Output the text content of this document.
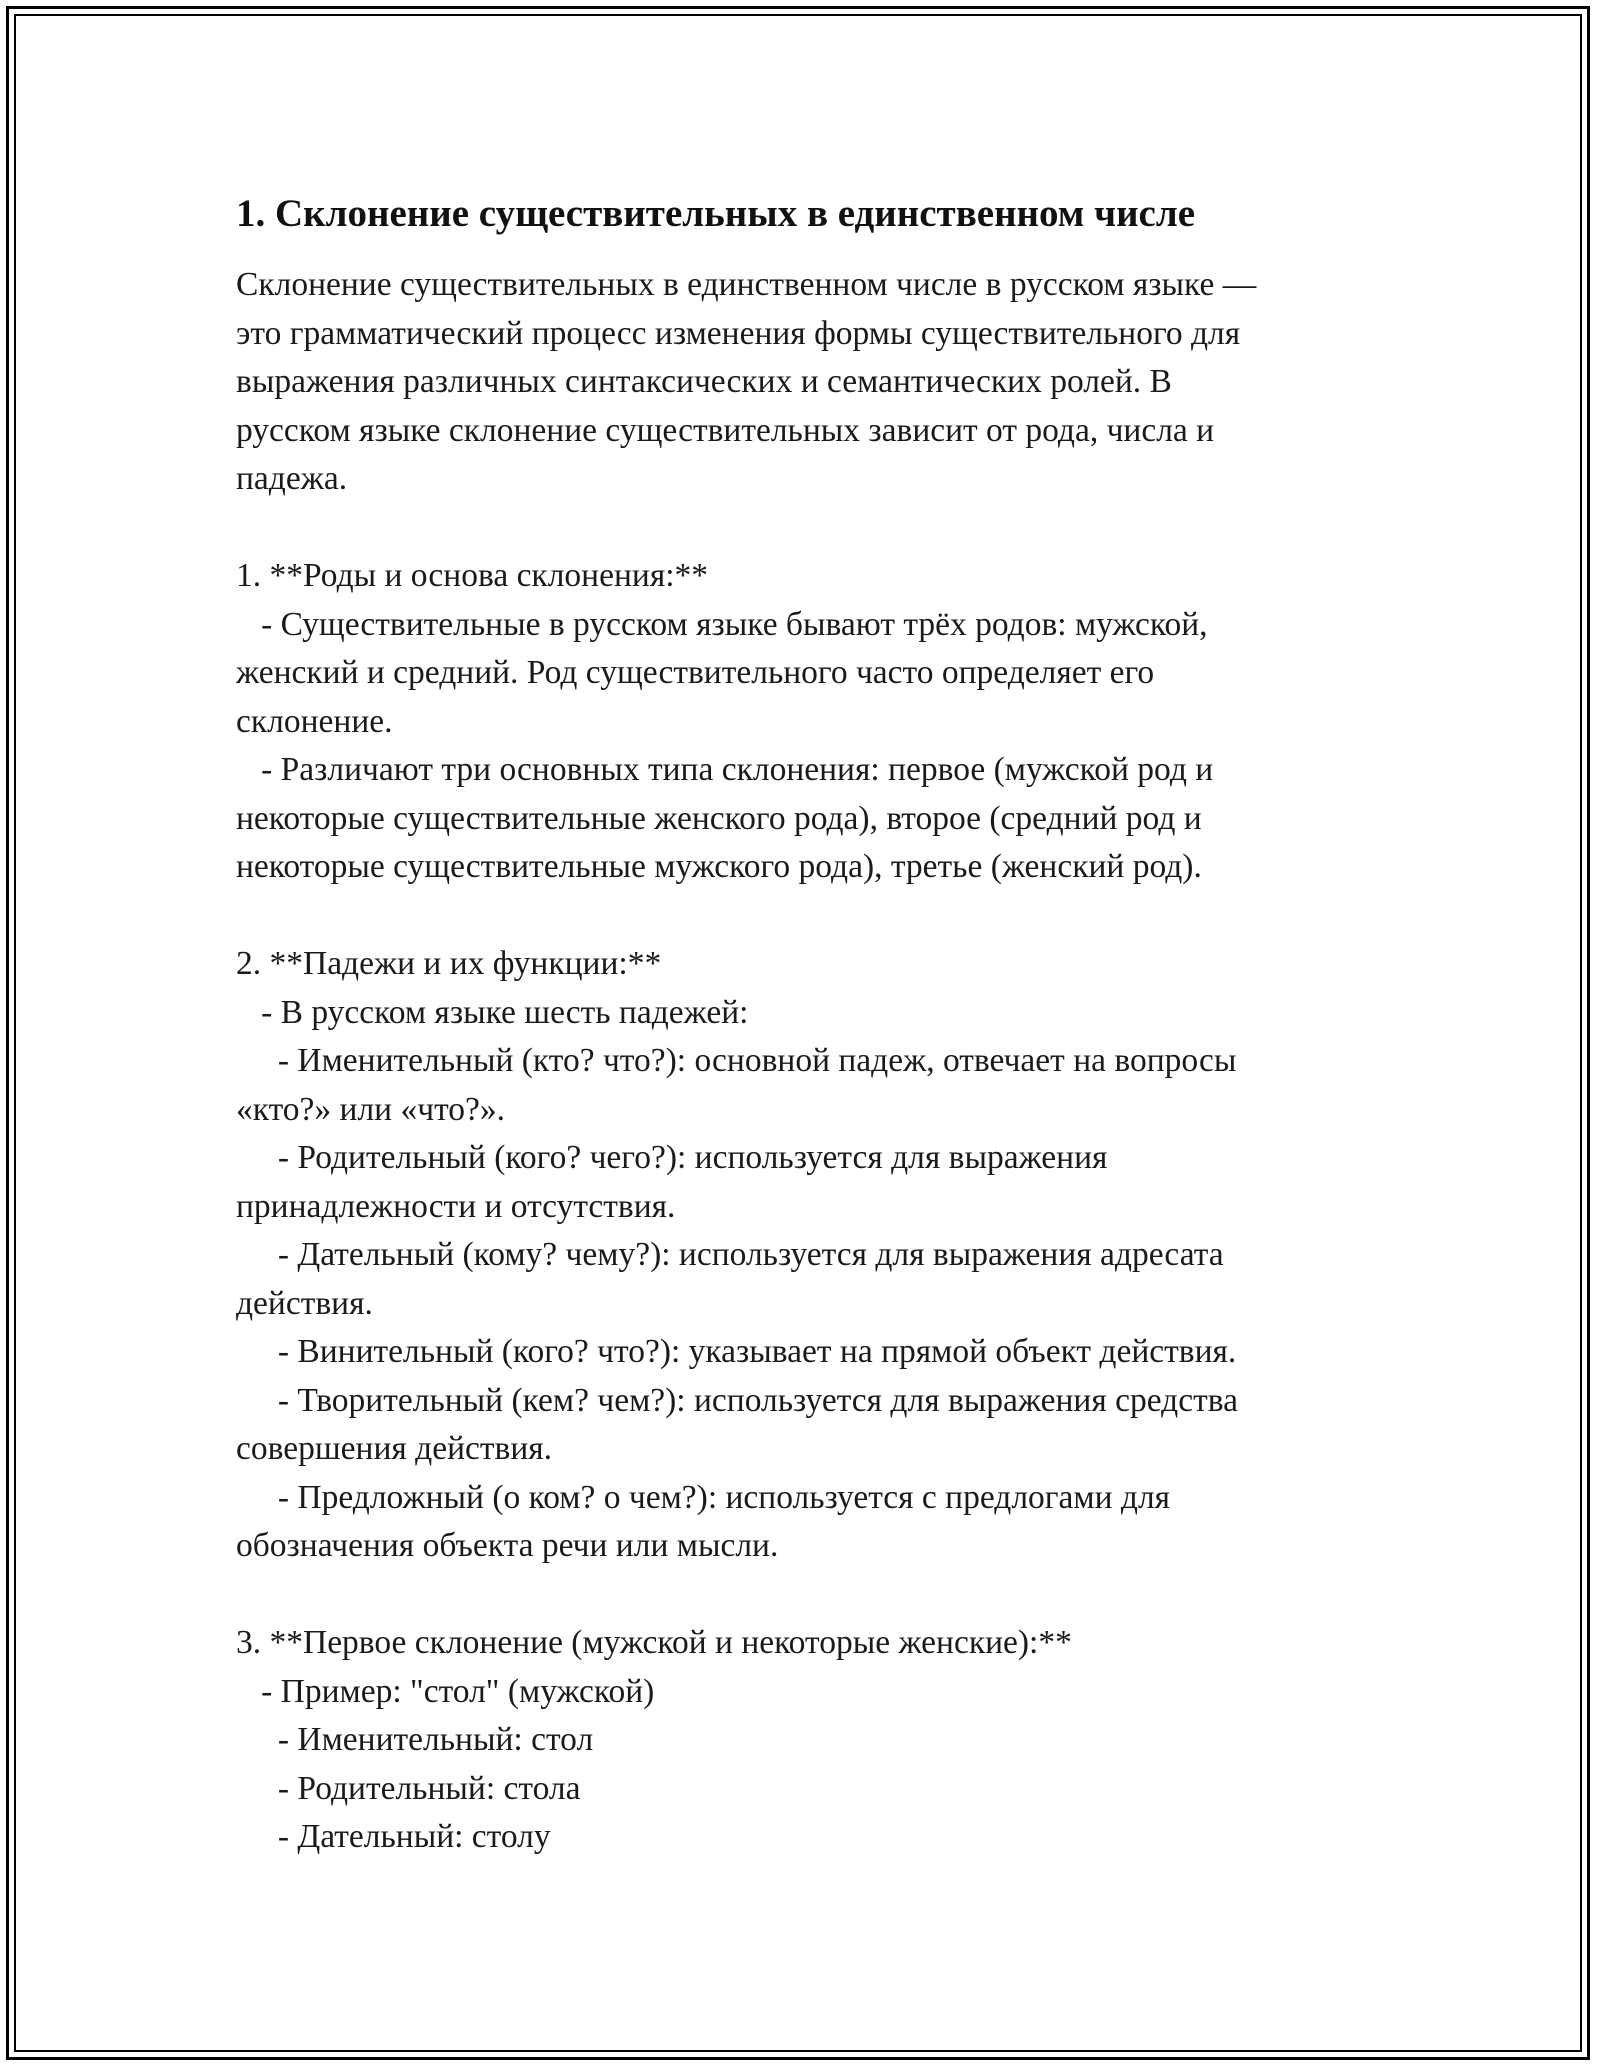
1. Склонение существительных в единственном числе
Склонение существительных в единственном числе в русском языке —
это грамматический процесс изменения формы существительного для
выражения различных синтаксических и семантических ролей. В
русском языке склонение существительных зависит от рода, числа и
падежа.

1. **Роды и основа склонения:**
- Существительные в русском языке бывают трёх родов: мужской,
женский и средний. Род существительного часто определяет его
склонение.
- Различают три основных типа склонения: первое (мужской род и
некоторые существительные женского рода), второе (средний род и
некоторые существительные мужского рода), третье (женский род).

2. **Падежи и их функции:**
- В русском языке шесть падежей:
- Именительный (кто? что?): основной падеж, отвечает на вопросы
«кто?» или «что?».
- Родительный (кого? чего?): используется для выражения
принадлежности и отсутствия.
- Дательный (кому? чему?): используется для выражения адресата
действия.
- Винительный (кого? что?): указывает на прямой объект действия.
- Творительный (кем? чем?): используется для выражения средства
совершения действия.
- Предложный (о ком? о чем?): используется с предлогами для
обозначения объекта речи или мысли.

3. **Первое склонение (мужской и некоторые женские):**
- Пример: "стол" (мужской)
- Именительный: стол
- Родительный: стола
- Дательный: столу
